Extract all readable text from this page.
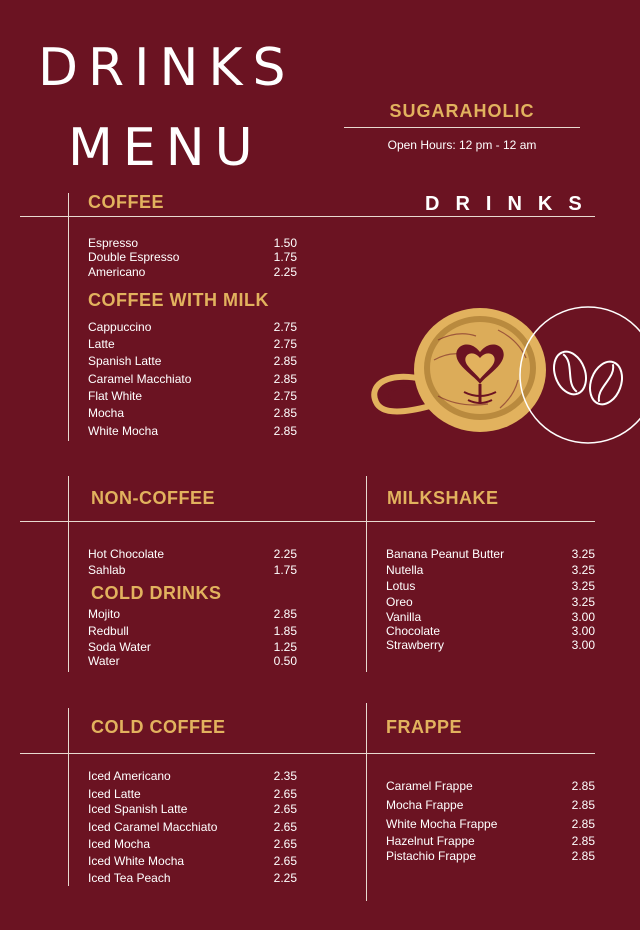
DRINKS
MENU
SUGARAHOLIC
Open Hours: 12 pm - 12 am
DRINKS
COFFEE
COFFEE WITH MILK
NON-COFFEE
COLD DRINKS
MILKSHAKE
COLD COFFEE	FRAPPE
Espresso	1.50
Double Espresso	1.75
Americano	2.25
Cappuccino	2.75
Latte	2.75
Spanish Latte	2.85
Caramel Macchiato	2.85
Flat White	2.75
Mocha	2.85
White Mocha	2.85
Hot Chocolate	2.25
Sahlab	1.75
Mojito	2.85
Redbull	1.85
Soda Water	1.25
Water	0.50
Banana Peanut Butter	3.25
Nutella	3.25
Lotus	3.25
Oreo	3.25
Vanilla	3.00
Chocolate	3.00
Strawberry	3.00
Iced Americano	2.35
Iced Latte	2.65
Iced Spanish Latte	2.65
Iced Caramel Macchiato	2.65
Iced Mocha	2.65
Iced White Mocha	2.65
Iced Tea Peach	2.25
Caramel Frappe	2.85
Mocha Frappe	2.85
White Mocha Frappe	2.85
Hazelnut Frappe	2.85
Pistachio Frappe	2.85
